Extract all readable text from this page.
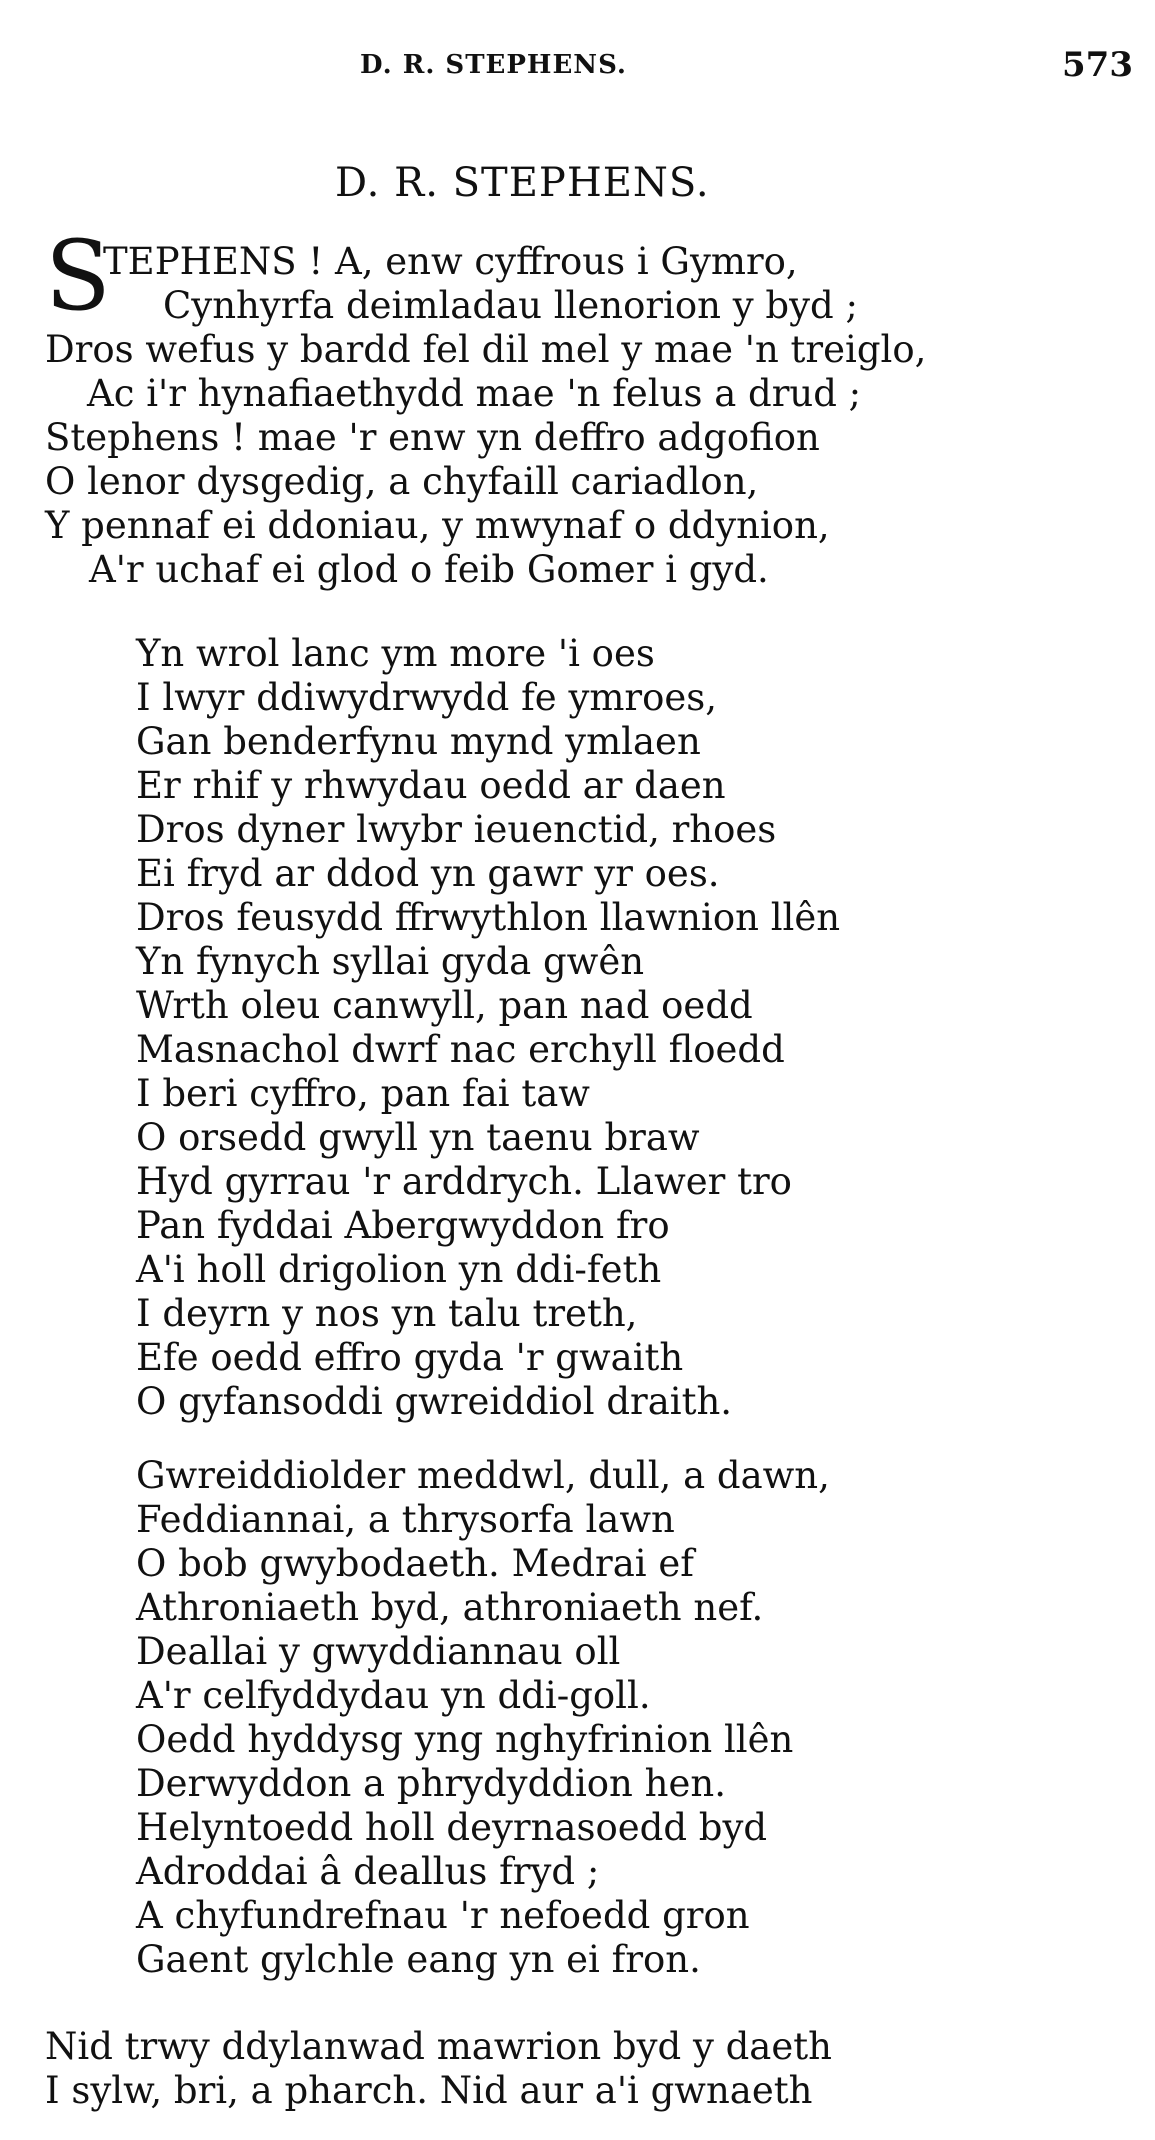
D. R. STEPHENS.	573
D. R. STEPHENS.
S
TEPHENS ! A, enw cyffrous i Gymro,
Cynhyrfa deimladau llenorion y byd ;
Dros wefus y bardd fel dil mel y mae 'n treiglo,
Ac i'r hynafiaethydd mae 'n felus a drud ;
Stephens ! mae 'r enw yn deffro adgofion
O lenor dysgedig, a chyfaill cariadlon,
Y pennaf ei ddoniau, y mwynaf o ddynion,
A'r uchaf ei glod o feib Gomer i gyd.
Yn wrol lanc ym more 'i oes
I lwyr ddiwydrwydd fe ymroes,
Gan benderfynu mynd ymlaen
Er rhif y rhwydau oedd ar daen
Dros dyner lwybr ieuenctid, rhoes
Ei fryd ar ddod yn gawr yr oes.
Dros feusydd ffrwythlon llawnion llên
Yn fynych syllai gyda gwên
Wrth oleu canwyll, pan nad oedd
Masnachol dwrf nac erchyll floedd
I beri cyffro, pan fai taw
O orsedd gwyll yn taenu braw
Hyd gyrrau 'r arddrych. Llawer tro
Pan fyddai Abergwyddon fro
A'i holl drigolion yn ddi-feth
I deyrn y nos yn talu treth,
Efe oedd effro gyda 'r gwaith
O gyfansoddi gwreiddiol draith.
Gwreiddiolder meddwl, dull, a dawn,
Feddiannai, a thrysorfa lawn
O bob gwybodaeth. Medrai ef
Athroniaeth byd, athroniaeth nef.
Deallai y gwyddiannau oll
A'r celfyddydau yn ddi-goll.
Oedd hyddysg yng nghyfrinion llên
Derwyddon a phrydyddion hen.
Helyntoedd holl deyrnasoedd byd
Adroddai â deallus fryd ;
A chyfundrefnau 'r nefoedd gron
Gaent gylchle eang yn ei fron.
Nid trwy ddylanwad mawrion byd y daeth
I sylw, bri, a pharch. Nid aur a'i gwnaeth
